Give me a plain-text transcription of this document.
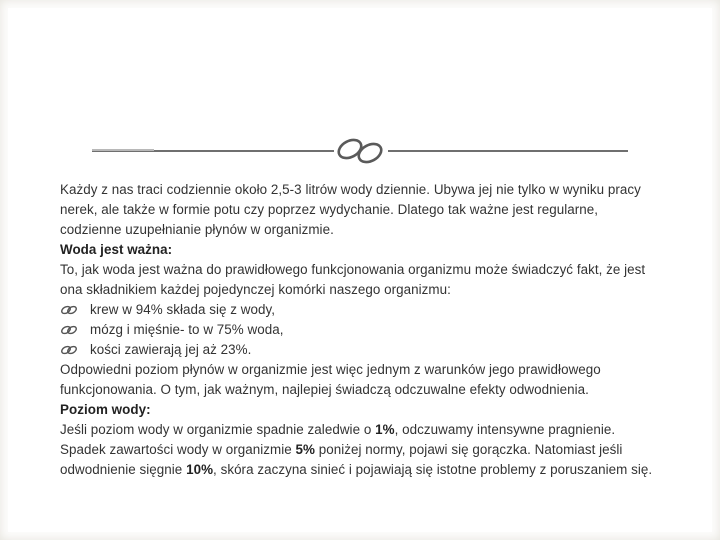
Każdy z nas traci codziennie około 2,5-3 litrów wody dziennie. Ubywa jej nie tylko w wyniku pracy nerek, ale także w formie potu czy poprzez wydychanie. Dlatego tak ważne jest regularne, codzienne uzupełnianie płynów w organizmie.

Woda jest ważna:

To, jak woda jest ważna do prawidłowego funkcjonowania organizmu może świadczyć fakt, że jest ona składnikiem każdej pojedynczej komórki naszego organizmu:

krew w 94% składa się z wody,
mózg i mięśnie- to w 75% woda,
kości zawierają jej aż 23%.

Odpowiedni poziom płynów w organizmie jest więc jednym z warunków jego prawidłowego funkcjonowania. O tym, jak ważnym, najlepiej świadczą odczuwalne efekty odwodnienia.

Poziom wody:

Jeśli poziom wody w organizmie spadnie zaledwie o 1%, odczuwamy intensywne pragnienie. Spadek zawartości wody w organizmie 5% poniżej normy, pojawi się gorączka. Natomiast jeśli odwodnienie sięgnie 10%, skóra zaczyna sinieć i pojawiają się istotne problemy z poruszaniem się.
